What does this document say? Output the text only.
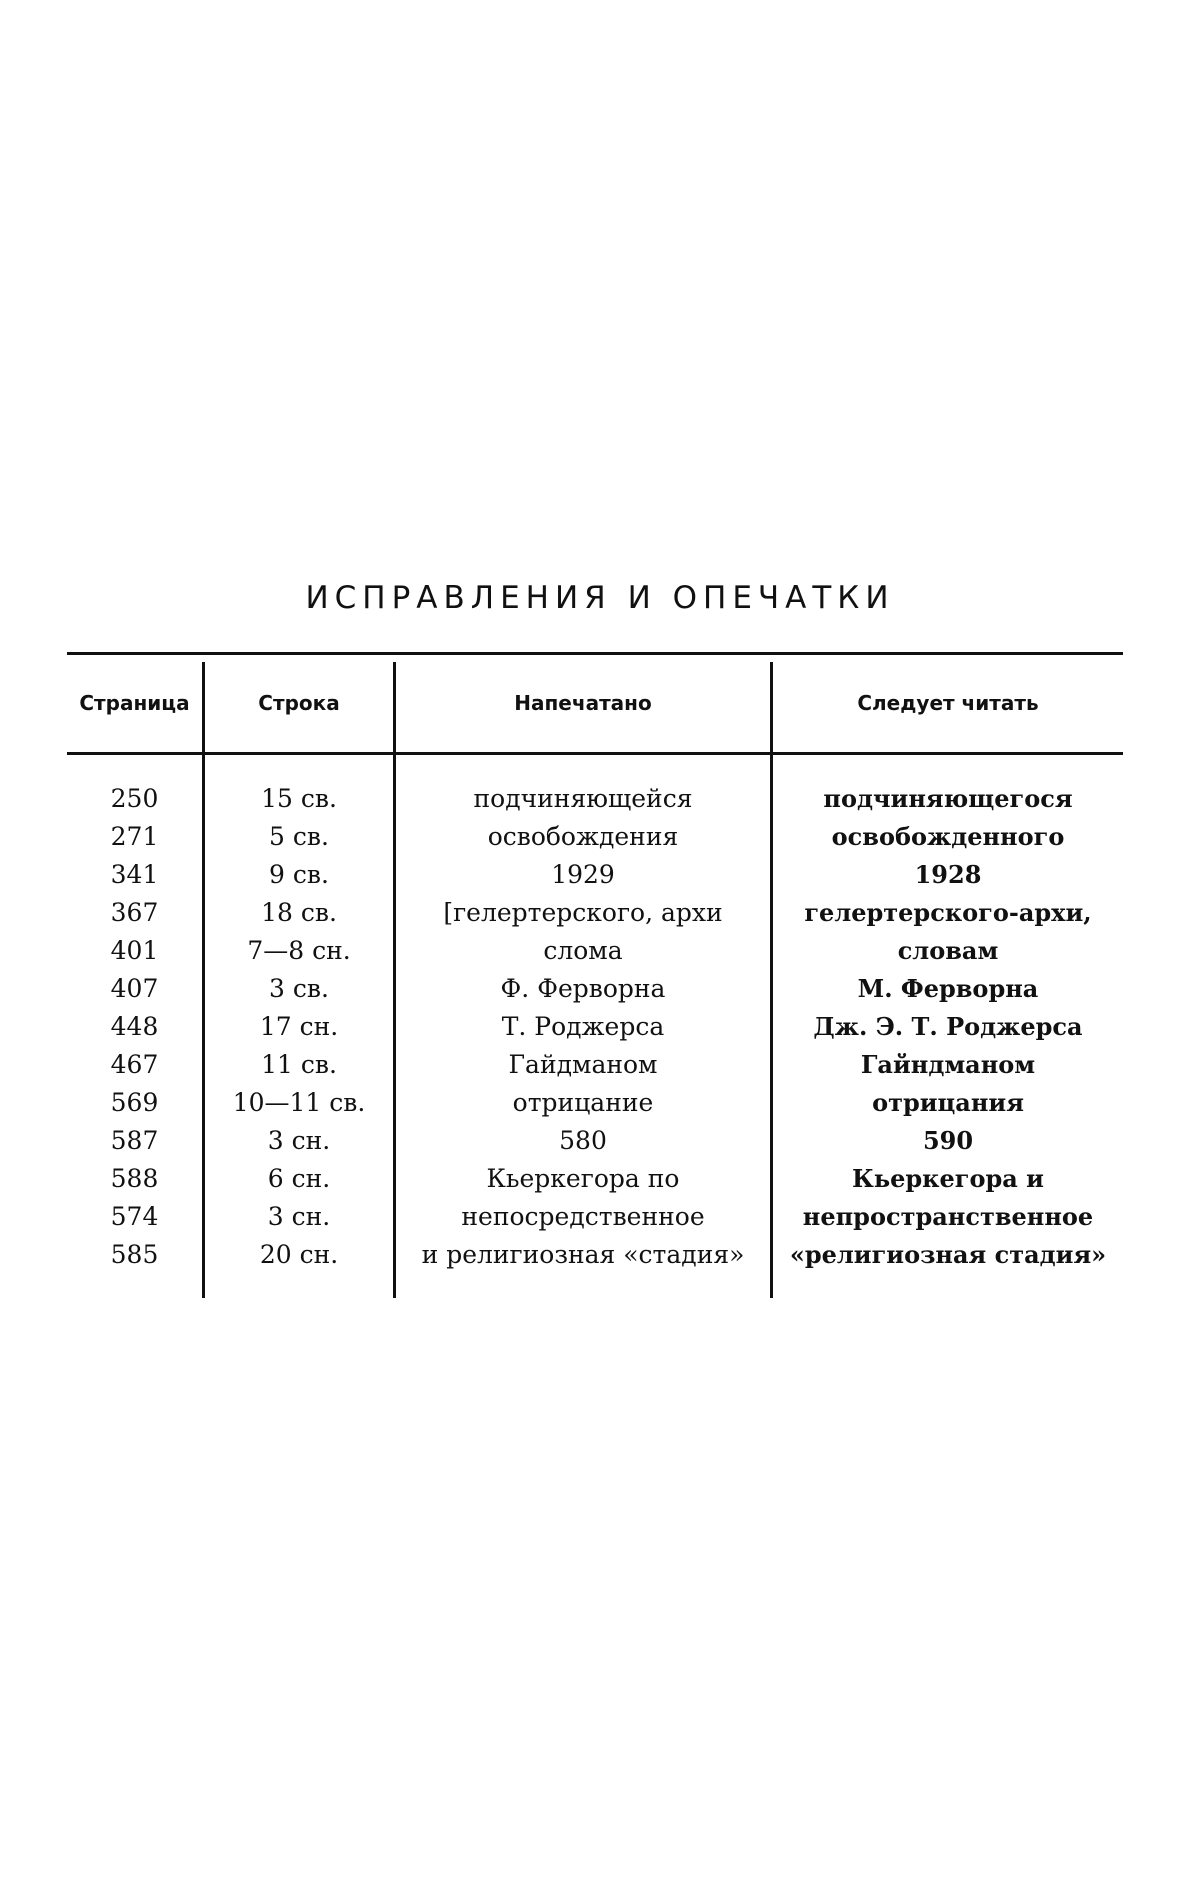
ИСПРАВЛЕНИЯ И ОПЕЧАТКИ
Страница	Строка	Напечатано	Следует читать
250	15 св.	подчиняющейся	подчиняющегося
271	5 св.	освобождения	освобожденного
341	9 св.	1929	1928
367	18 св.	[гелертерского, архи	гелертерского-архи,
401	7—8 сн.	слома	словам
407	3 св.	Ф. Ферворна	М. Ферворна
448	17 сн.	Т. Роджерса	Дж. Э. Т. Роджерса
467	11 св.	Гайдманом	Гайндманом
569	10—11 св.	отрицание	отрицания
587	3 сн.	580	590
588	6 сн.	Кьеркегора по	Кьеркегора и
574	3 сн.	непосредственное	непространственное
585	20 сн.	и религиозная «стадия»	«религиозная стадия»
